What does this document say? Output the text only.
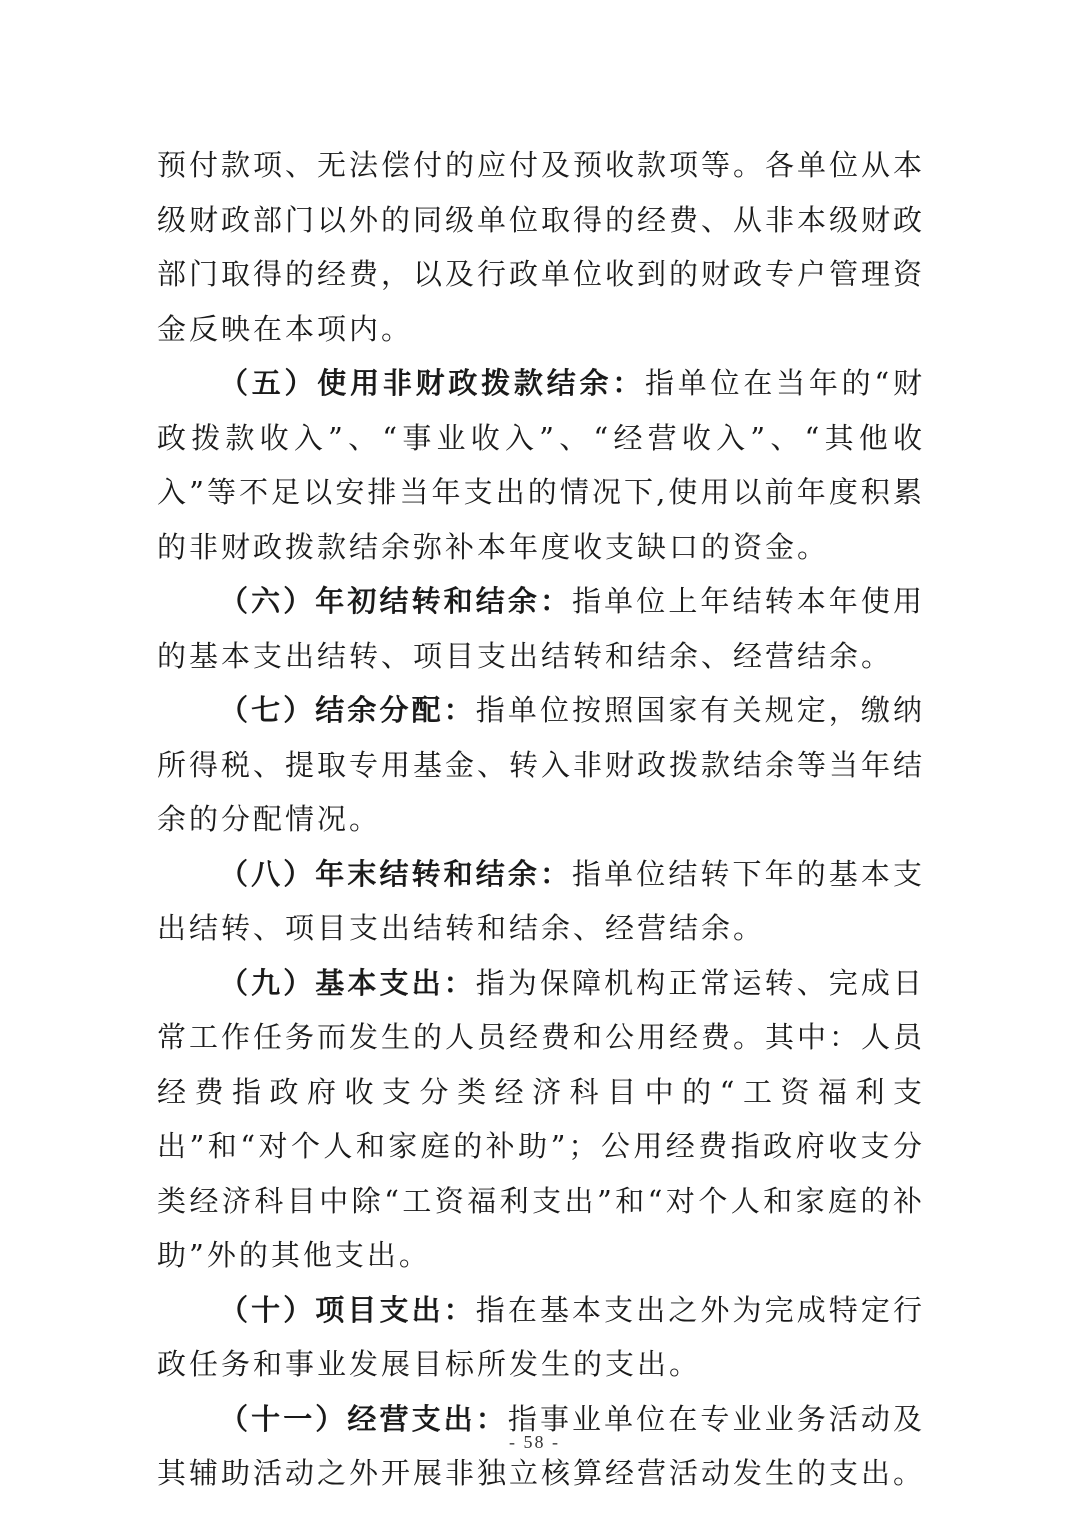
预付款项、无法偿付的应付及预收款项等。各单位从本级财政部门以外的同级单位取得的经费、从非本级财政部门取得的经费，以及行政单位收到的财政专户管理资金反映在本项内。

（五）使用非财政拨款结余：指单位在当年的“财政拨款收入”、“事业收入”、“经营收入”、“其他收入”等不足以安排当年支出的情况下,使用以前年度积累的非财政拨款结余弥补本年度收支缺口的资金。

（六）年初结转和结余：指单位上年结转本年使用的基本支出结转、项目支出结转和结余、经营结余。

（七）结余分配：指单位按照国家有关规定，缴纳所得税、提取专用基金、转入非财政拨款结余等当年结余的分配情况。

（八）年末结转和结余：指单位结转下年的基本支出结转、项目支出结转和结余、经营结余。

（九）基本支出：指为保障机构正常运转、完成日常工作任务而发生的人员经费和公用经费。其中：人员经费指政府收支分类经济科目中的“工资福利支出”和“对个人和家庭的补助”；公用经费指政府收支分类经济科目中除“工资福利支出”和“对个人和家庭的补助”外的其他支出。

（十）项目支出：指在基本支出之外为完成特定行政任务和事业发展目标所发生的支出。

（十一）经营支出：指事业单位在专业业务活动及其辅助活动之外开展非独立核算经营活动发生的支出。

- 58 -
